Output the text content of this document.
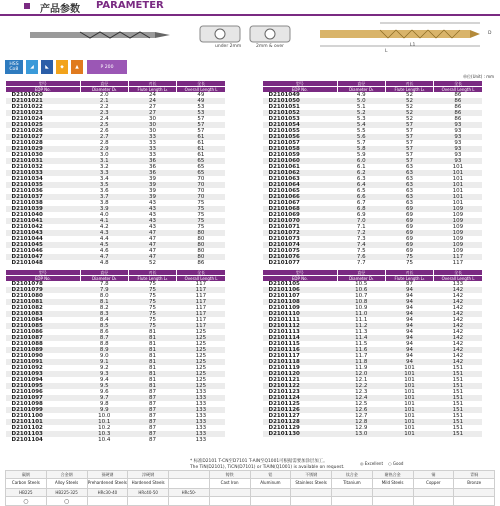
产品参数 PARAMETER
under 2mm	2mm & over	L1
L
D
HSS
Co8	◢	◣	◆	▲	P 200
单位(Unit) : mm
型号	直径	刃长	全长
EDP No.	Diameter D₁	Flute Length L₁	Overall Length L
D2101020	2.0	24	49
D2101021	2.1	24	49
D2101022	2.2	27	53
D2101023	2.3	27	53
D2101024	2.4	30	57
D2101025	2.5	30	57
D2101026	2.6	30	57
D2101027	2.7	33	61
D2101028	2.8	33	61
D2101029	2.9	33	61
D2101030	3.0	33	61
D2101031	3.1	36	65
D2101032	3.2	36	65
D2101033	3.3	36	65
D2101034	3.4	39	70
D2101035	3.5	39	70
D2101036	3.6	39	70
D2101037	3.7	39	70
D2101038	3.8	43	75
D2101039	3.9	43	75
D2101040	4.0	43	75
D2101041	4.1	43	75
D2101042	4.2	43	75
D2101043	4.3	47	80
D2101044	4.4	47	80
D2101045	4.5	47	80
D2101046	4.6	47	80
D2101047	4.7	47	80
D2101048	4.8	52	86
型号	直径	刃长	全长
EDP No.	Diameter D₁	Flute Length L₁	Overall Length L
D2101049	4.9	52	86
D2101050	5.0	52	86
D2101051	5.1	52	86
D2101052	5.2	52	86
D2101053	5.3	52	86
D2101054	5.4	57	93
D2101055	5.5	57	93
D2101056	5.6	57	93
D2101057	5.7	57	93
D2101058	5.8	57	93
D2101059	5.9	57	93
D2101060	6.0	57	93
D2101061	6.1	63	101
D2101062	6.2	63	101
D2101063	6.3	63	101
D2101064	6.4	63	101
D2101065	6.5	63	101
D2101066	6.6	63	101
D2101067	6.7	63	101
D2101068	6.8	69	109
D2101069	6.9	69	109
D2101070	7.0	69	109
D2101071	7.1	69	109
D2101072	7.2	69	109
D2101073	7.3	69	109
D2101074	7.4	69	109
D2101075	7.5	69	109
D2101076	7.6	75	117
D2101077	7.7	75	117
型号	直径	刃长	全长
EDP No.	Diameter D₁	Flute Length L₁	Overall Length L
D2101078	7.8	75	117
D2101079	7.9	75	117
D2101080	8.0	75	117
D2101081	8.1	75	117
D2101082	8.2	75	117
D2101083	8.3	75	117
D2101084	8.4	75	117
D2101085	8.5	75	117
D2101086	8.6	81	125
D2101087	8.7	81	125
D2101088	8.8	81	125
D2101089	8.9	81	125
D2101090	9.0	81	125
D2101091	9.1	81	125
D2101092	9.2	81	125
D2101093	9.3	81	125
D2101094	9.4	81	125
D2101095	9.5	81	125
D2101096	9.6	87	133
D2101097	9.7	87	133
D2101098	9.8	87	133
D2101099	9.9	87	133
D2101100	10.0	87	133
D2101101	10.1	87	133
D2101102	10.2	87	133
D2101103	10.3	87	133
D2101104	10.4	87	133
型号	直径	刃长	全长
EDP No.	Diameter D₁	Flute Length L₁	Overall Length L
D2101105	10.5	87	133
D2101106	10.6	94	142
D2101107	10.7	94	142
D2101108	10.8	94	142
D2101109	10.9	94	142
D2101110	11.0	94	142
D2101111	11.1	94	142
D2101112	11.2	94	142
D2101113	11.3	94	142
D2101114	11.4	94	142
D2101115	11.5	94	142
D2101116	11.6	94	142
D2101117	11.7	94	142
D2101118	11.8	94	142
D2101119	11.9	101	151
D2101120	12.0	101	151
D2101121	12.1	101	151
D2101122	12.2	101	151
D2101123	12.3	101	151
D2101124	12.4	101	151
D2101125	12.5	101	151
D2101126	12.6	101	151
D2101127	12.7	101	151
D2101128	12.8	101	151
D2101129	12.9	101	151
D2101130	13.0	101	151
* 标准D2101 T-CN至D7101 T-AlN至Q1001可根据需要加涂层加工。
The TiN(D2101), TiCN(D7101) or TiAlN(Q1001) is available on request.
◎ Excellent ○ Good
碳钢	合金钢	预硬钢	淬硬钢		铸铁	铝	不锈钢	钛合金	耐热合金	铜	青铜
Carbon Steels	Alloy Steels	Prehardened Steels	Hardened Steels		Cast Iron	Aluminum	Stainless Steels	Titanium	Mild Steels	Copper	Bronze
HB225	HB225-325	HRc30-40	HRc40-50	HRc50-							
○	○										
